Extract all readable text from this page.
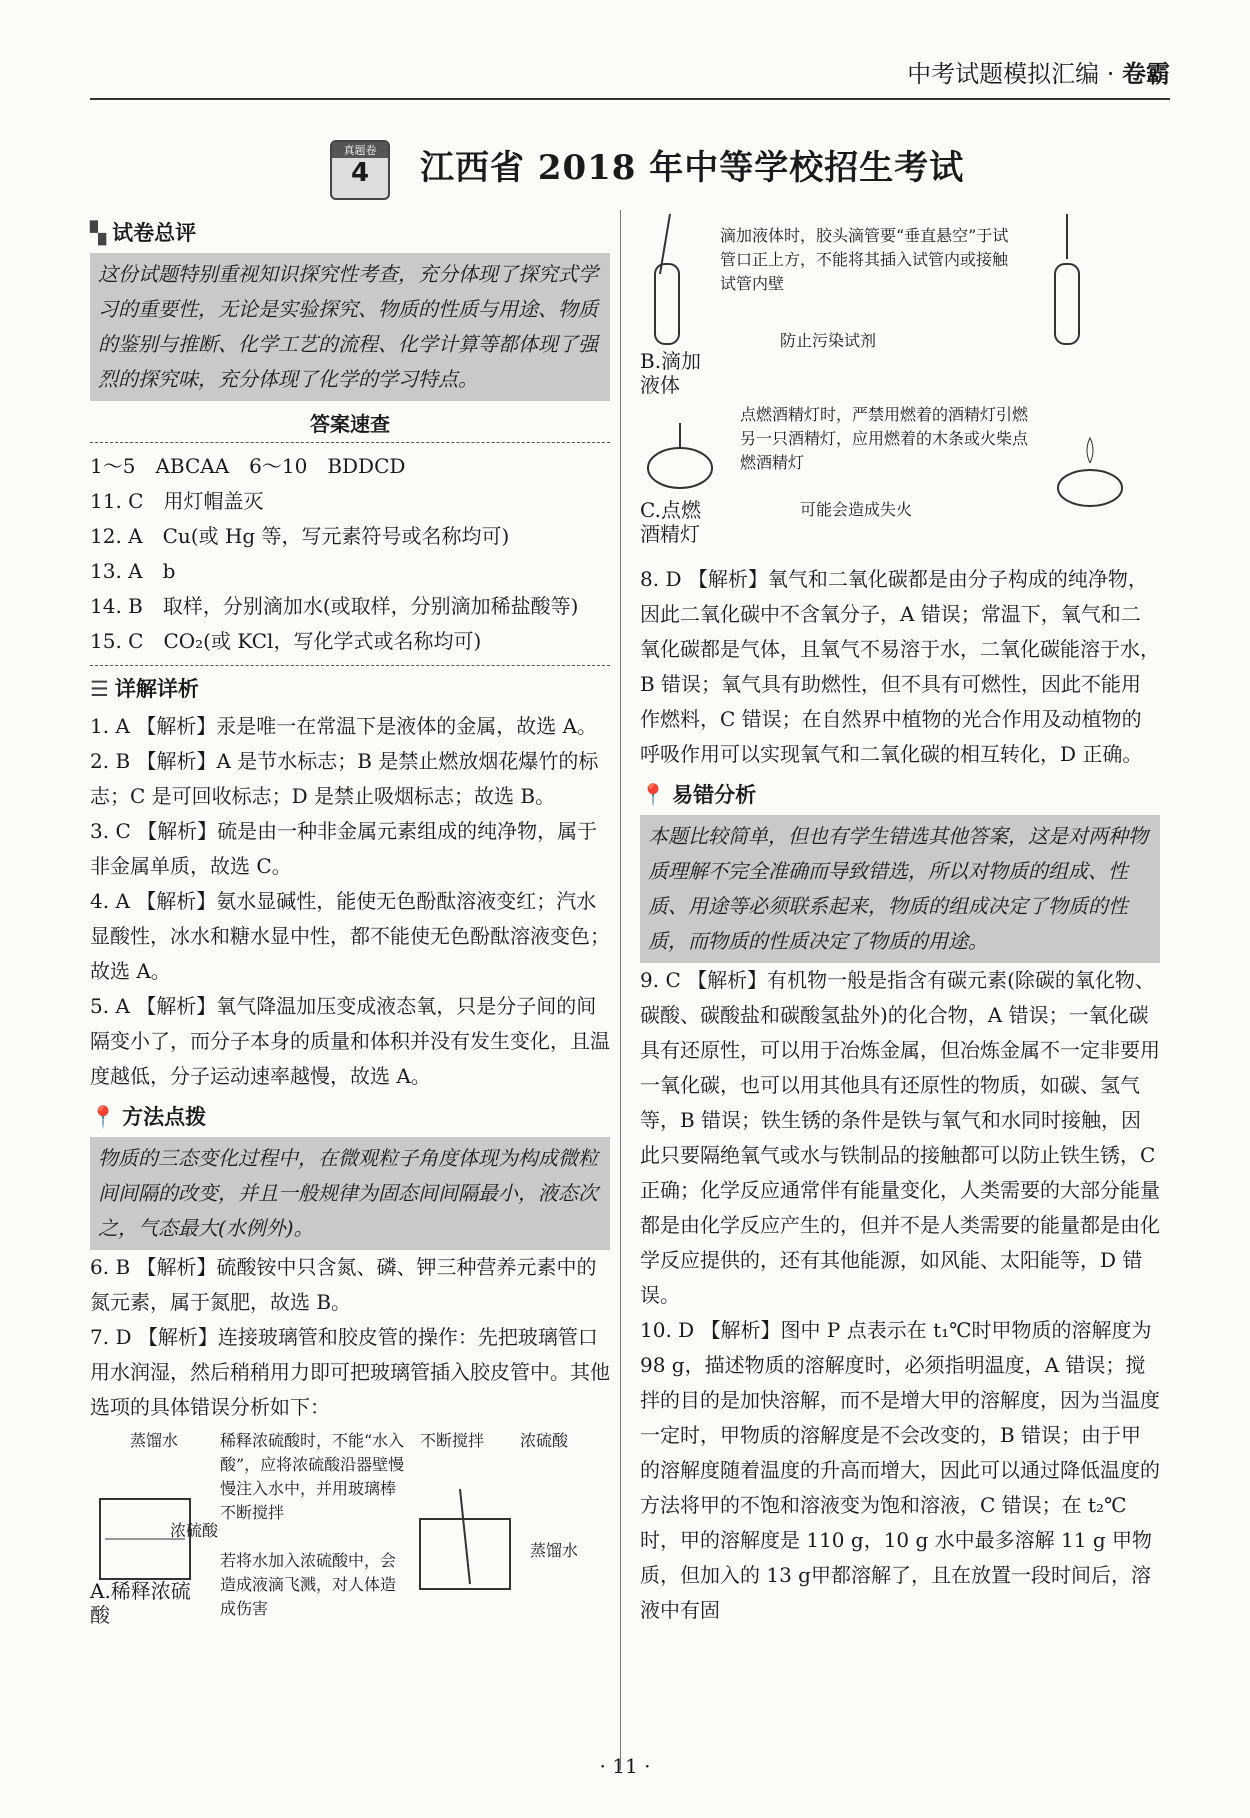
中考试题模拟汇编 · 卷霸
真题卷
4	江西省 2018 年中等学校招生考试
▚ 试卷总评
这份试题特别重视知识探究性考查，充分体现了探究式学习的重要性，无论是实验探究、物质的性质与用途、物质的鉴别与推断、化学工艺的流程、化学计算等都体现了强烈的探究味，充分体现了化学的学习特点。
答案速查

1～5　ABCAA　6～10　BDDCD

11. C　用灯帽盖灭

12. A　Cu(或 Hg 等，写元素符号或名称均可)

13. A　b

14. B　取样，分别滴加水(或取样，分别滴加稀盐酸等)

15. C　CO₂(或 KCl，写化学式或名称均可)

☰ 详解详析

1. A 【解析】汞是唯一在常温下是液体的金属，故选 A。

2. B 【解析】A 是节水标志；B 是禁止燃放烟花爆竹的标志；C 是可回收标志；D 是禁止吸烟标志；故选 B。

3. C 【解析】硫是由一种非金属元素组成的纯净物，属于非金属单质，故选 C。

4. A 【解析】氨水显碱性，能使无色酚酞溶液变红；汽水显酸性，冰水和糖水显中性，都不能使无色酚酞溶液变色；故选 A。

5. A 【解析】氧气降温加压变成液态氧，只是分子间的间隔变小了，而分子本身的质量和体积并没有发生变化，且温度越低，分子运动速率越慢，故选 A。

📍 方法点拨
物质的三态变化过程中，在微观粒子角度体现为构成微粒间间隔的改变，并且一般规律为固态间间隔最小，液态次之，气态最大(水例外)。

6. B 【解析】硫酸铵中只含氮、磷、钾三种营养元素中的氮元素，属于氮肥，故选 B。

7. D 【解析】连接玻璃管和胶皮管的操作：先把玻璃管口用水润湿，然后稍稍用力即可把玻璃管插入胶皮管中。其他选项的具体错误分析如下：

蒸馏水
浓硫酸
A.稀释浓硫酸
稀释浓硫酸时，不能“水入酸”，应将浓硫酸沿器壁慢慢注入水中，并用玻璃棒不断搅拌
若将水加入浓硫酸中，会造成液滴飞溅，对人体造成伤害
不断搅拌 浓硫酸
蒸馏水
B.滴加液体
滴加液体时，胶头滴管要“垂直悬空”于试管口正上方，不能将其插入试管内或接触试管内壁
防止污染试剂
C.点燃酒精灯
点燃酒精灯时，严禁用燃着的酒精灯引燃另一只酒精灯，应用燃着的木条或火柴点燃酒精灯
可能会造成失火

8. D 【解析】氧气和二氧化碳都是由分子构成的纯净物，因此二氧化碳中不含氧分子，A 错误；常温下，氧气和二氧化碳都是气体，且氧气不易溶于水，二氧化碳能溶于水，B 错误；氧气具有助燃性，但不具有可燃性，因此不能用作燃料，C 错误；在自然界中植物的光合作用及动植物的呼吸作用可以实现氧气和二氧化碳的相互转化，D 正确。

📍 易错分析
本题比较简单，但也有学生错选其他答案，这是对两种物质理解不完全准确而导致错选，所以对物质的组成、性质、用途等必须联系起来，物质的组成决定了物质的性质，而物质的性质决定了物质的用途。

9. C 【解析】有机物一般是指含有碳元素(除碳的氧化物、碳酸、碳酸盐和碳酸氢盐外)的化合物，A 错误；一氧化碳具有还原性，可以用于冶炼金属，但冶炼金属不一定非要用一氧化碳，也可以用其他具有还原性的物质，如碳、氢气等，B 错误；铁生锈的条件是铁与氧气和水同时接触，因此只要隔绝氧气或水与铁制品的接触都可以防止铁生锈，C 正确；化学反应通常伴有能量变化，人类需要的大部分能量都是由化学反应产生的，但并不是人类需要的能量都是由化学反应提供的，还有其他能源，如风能、太阳能等，D 错误。

10. D 【解析】图中 P 点表示在 t₁℃时甲物质的溶解度为 98 g，描述物质的溶解度时，必须指明温度，A 错误；搅拌的目的是加快溶解，而不是增大甲的溶解度，因为当温度一定时，甲物质的溶解度是不会改变的，B 错误；由于甲的溶解度随着温度的升高而增大，因此可以通过降低温度的方法将甲的不饱和溶液变为饱和溶液，C 错误；在 t₂℃时，甲的溶解度是 110 g，10 g 水中最多溶解 11 g 甲物质，但加入的 13 g甲都溶解了，且在放置一段时间后，溶液中有固

· 11 ·
